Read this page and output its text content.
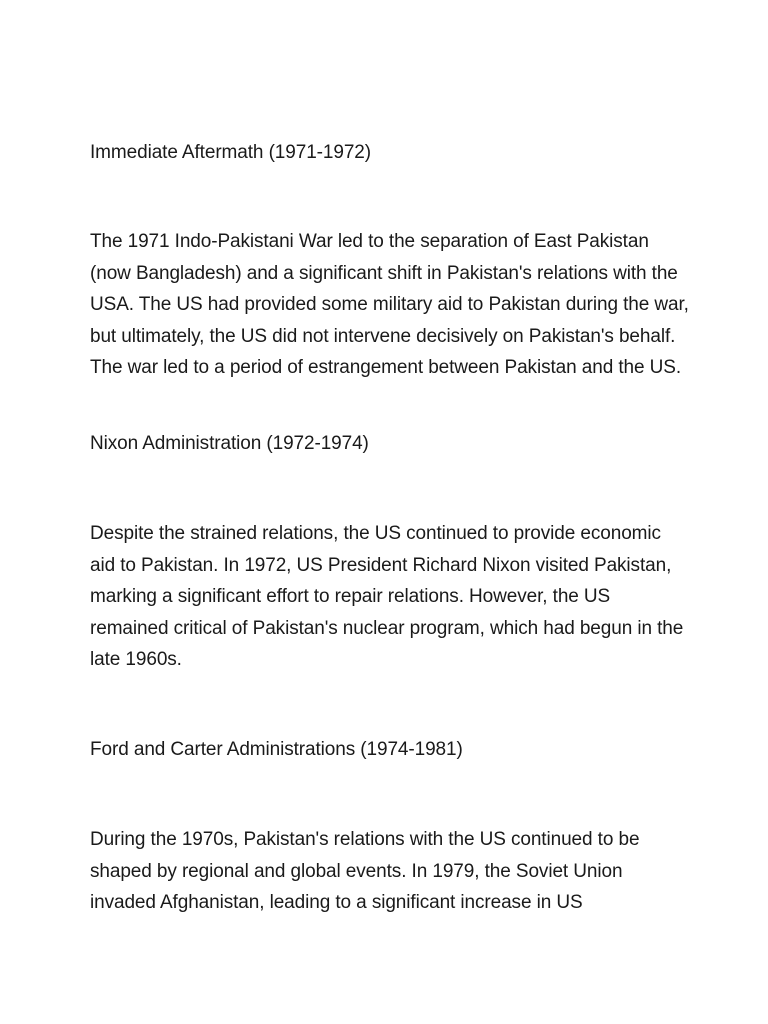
Immediate Aftermath (1971-1972)

The 1971 Indo-Pakistani War led to the separation of East Pakistan (now Bangladesh) and a significant shift in Pakistan's relations with the USA. The US had provided some military aid to Pakistan during the war, but ultimately, the US did not intervene decisively on Pakistan's behalf. The war led to a period of estrangement between Pakistan and the US.

Nixon Administration (1972-1974)

Despite the strained relations, the US continued to provide economic aid to Pakistan. In 1972, US President Richard Nixon visited Pakistan, marking a significant effort to repair relations. However, the US remained critical of Pakistan's nuclear program, which had begun in the late 1960s.

Ford and Carter Administrations (1974-1981)

During the 1970s, Pakistan's relations with the US continued to be shaped by regional and global events. In 1979, the Soviet Union invaded Afghanistan, leading to a significant increase in US
